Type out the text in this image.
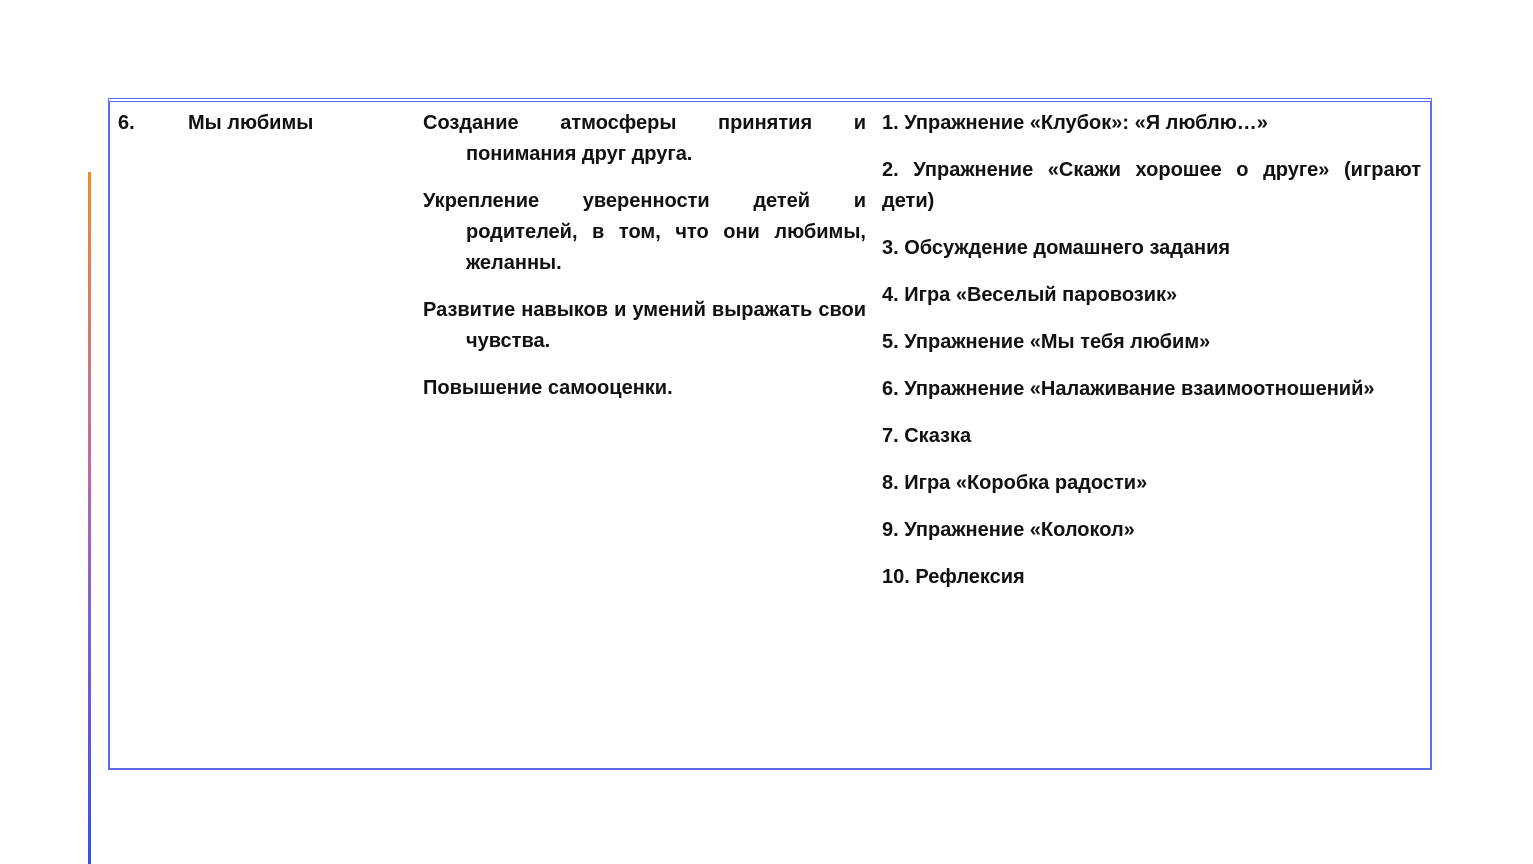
6.	Мы любимы	Создание атмосферы принятия и понимания друг друга.

Укрепление уверенности детей и родителей, в том, что они любимы, желанны.

Развитие навыков и умений выражать свои чувства.

Повышение самооценки.

1. Упражнение «Клубок»: «Я люблю…»

2. Упражнение «Скажи хорошее о друге» (играют дети)

3. Обсуждение домашнего задания

4. Игра «Веселый паровозик»

5. Упражнение «Мы тебя любим»

6. Упражнение «Налаживание взаимоотношений»

7. Сказка

8. Игра «Коробка радости»

9. Упражнение «Колокол»

10. Рефлексия
